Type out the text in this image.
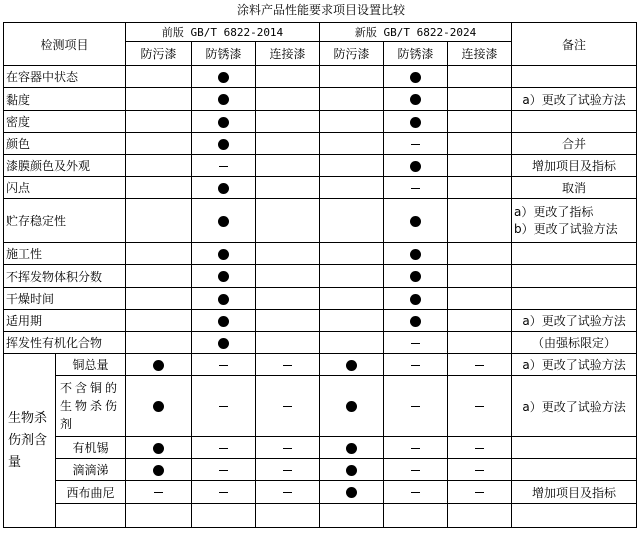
涂料产品性能要求项目设置比较
检测项目		前版 GB/T 6822-2014			新版 GB/T 6822-2024			备注
		防污漆	防锈漆	连接漆	防污漆	防锈漆	连接漆	
在容器中状态								
黏度								a）更改了试验方法
密度								
颜色								合并
漆膜颜色及外观								增加项目及指标
闪点								取消
贮存稳定性								a）更改了指标
b）更改了试验方法

施工性								
不挥发物体积分数								
干燥时间								
适用期								a）更改了试验方法
挥发性有机化合物								（由强标限定）
生物杀伤剂含量	铜总量							a）更改了试验方法
	不含铜的生物杀伤剂							a）更改了试验方法
	有机锡							
	滴滴涕							
	西布曲尼							增加项目及指标
